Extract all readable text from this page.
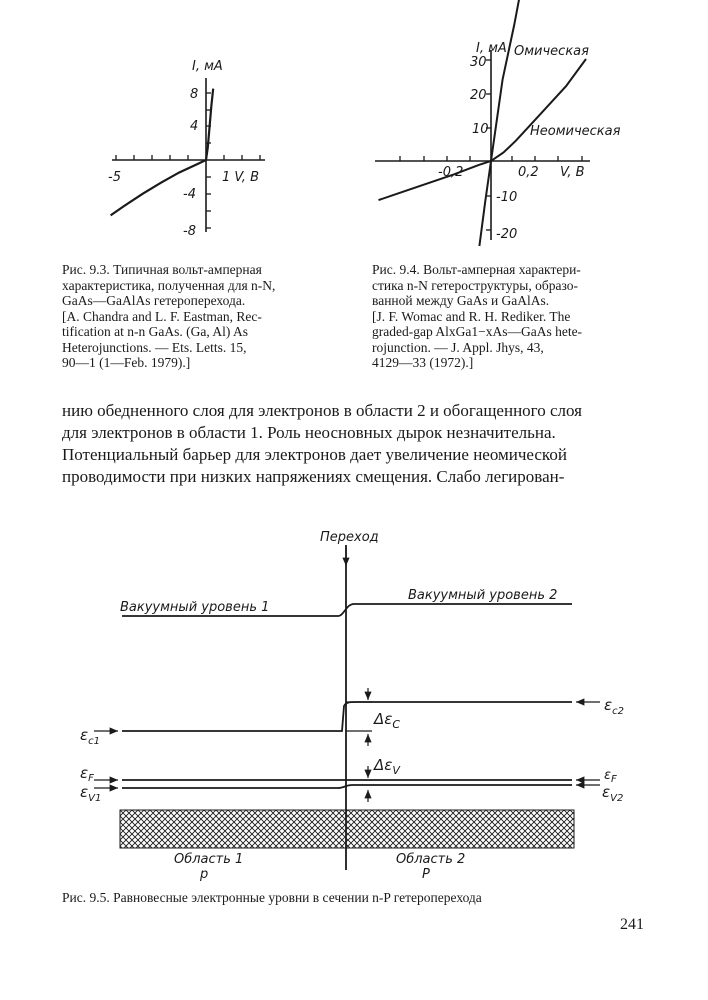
I, мА
1 V, В
8
4
-4
-8
-5
I, мА Омическая
Неомическая
V, В
30
20
10
-10
-20
-0,2	0,2
Рис. 9.3. Типичная вольт-амперная
характеристика, полученная для n-N,
GaAs—GaAlAs гетероперехода.
[A. Chandra and L. F. Eastman, Rec-
tification at n-n GaAs. (Ga, Al) As
Heterojunctions. — Ets. Letts. 15,
90—1 (1—Feb. 1979).]
Рис. 9.4. Вольт-амперная характери-
стика n-N гетероструктуры, образо-
ванной между GaAs и GaAlAs.
[J. F. Womac and R. H. Rediker. The
graded-gap AlxGa1−xAs—GaAs hete-
rojunction. — J. Appl. Jhys, 43,
4129—33 (1972).]
нию обедненного слоя для электронов в области 2 и обогащенного слоя
для электронов в области 1. Роль неосновных дырок незначительна.
Потенциальный барьер для электронов дает увеличение неомической
проводимости при низких напряжениях смещения. Слабо легирован-
Переход
Вакуумный уровень 1
Вакуумный уровень 2
$\varepsilon_{c1}$
$\varepsilon_{c2}$
$\varepsilon_F$	$\varepsilon_F$
$\varepsilon_{V1}$	$\varepsilon_{V2}$
$\Delta\varepsilon_C$
$\Delta\varepsilon_V$
Область 1
p
Область 2
P
Рис. 9.5. Равновесные электронные уровни в сечении n-P гетероперехода
241
